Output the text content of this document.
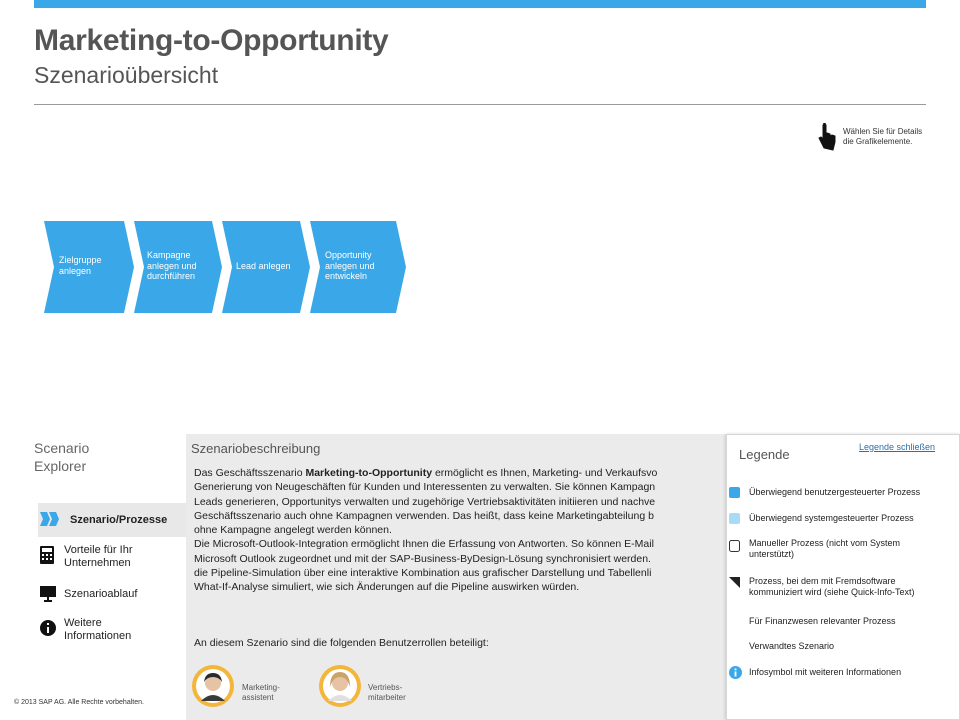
Marketing-to-Opportunity
Szenarioübersicht
Wählen Sie für Details
die Grafikelemente.
Zielgruppe
anlegen
Kampagne
anlegen und
durchführen
Lead anlegen
Opportunity
anlegen und
entwickeln
Scenario
Explorer
Szenario/Prozesse
Vorteile für Ihr
Unternehmen
Szenarioablauf
Weitere
Informationen
Szenariobeschreibung
Das Geschäftsszenario Marketing-to-Opportunity ermöglicht es Ihnen, Marketing- und Verkaufsvo
Generierung von Neugeschäften für Kunden und Interessenten zu verwalten. Sie können Kampagn
Leads generieren, Opportunitys verwalten und zugehörige Vertriebsaktivitäten initiieren und nachve
Geschäftsszenario auch ohne Kampagnen verwenden. Das heißt, dass keine Marketingabteilung b
ohne Kampagne angelegt werden können.
Die Microsoft-Outlook-Integration ermöglicht Ihnen die Erfassung von Antworten. So können E-Mail
Microsoft Outlook zugeordnet und mit der SAP-Business-ByDesign-Lösung synchronisiert werden.
die Pipeline-Simulation über eine interaktive Kombination aus grafischer Darstellung und Tabellenli
What-If-Analyse simuliert, wie sich Änderungen auf die Pipeline auswirken würden.
An diesem Szenario sind die folgenden Benutzerrollen beteiligt:
Marketing-
assistent
Vertriebs-
mitarbeiter
Legende schließen
Legende
Überwiegend benutzergesteuerter Prozess
Überwiegend systemgesteuerter Prozess
Manueller Prozess (nicht vom System
unterstützt)
Prozess, bei dem mit Fremdsoftware
kommuniziert wird (siehe Quick-Info-Text)
Für Finanzwesen relevanter Prozess
Verwandtes Szenario
Infosymbol mit weiteren Informationen
© 2013 SAP AG. Alle Rechte vorbehalten.
